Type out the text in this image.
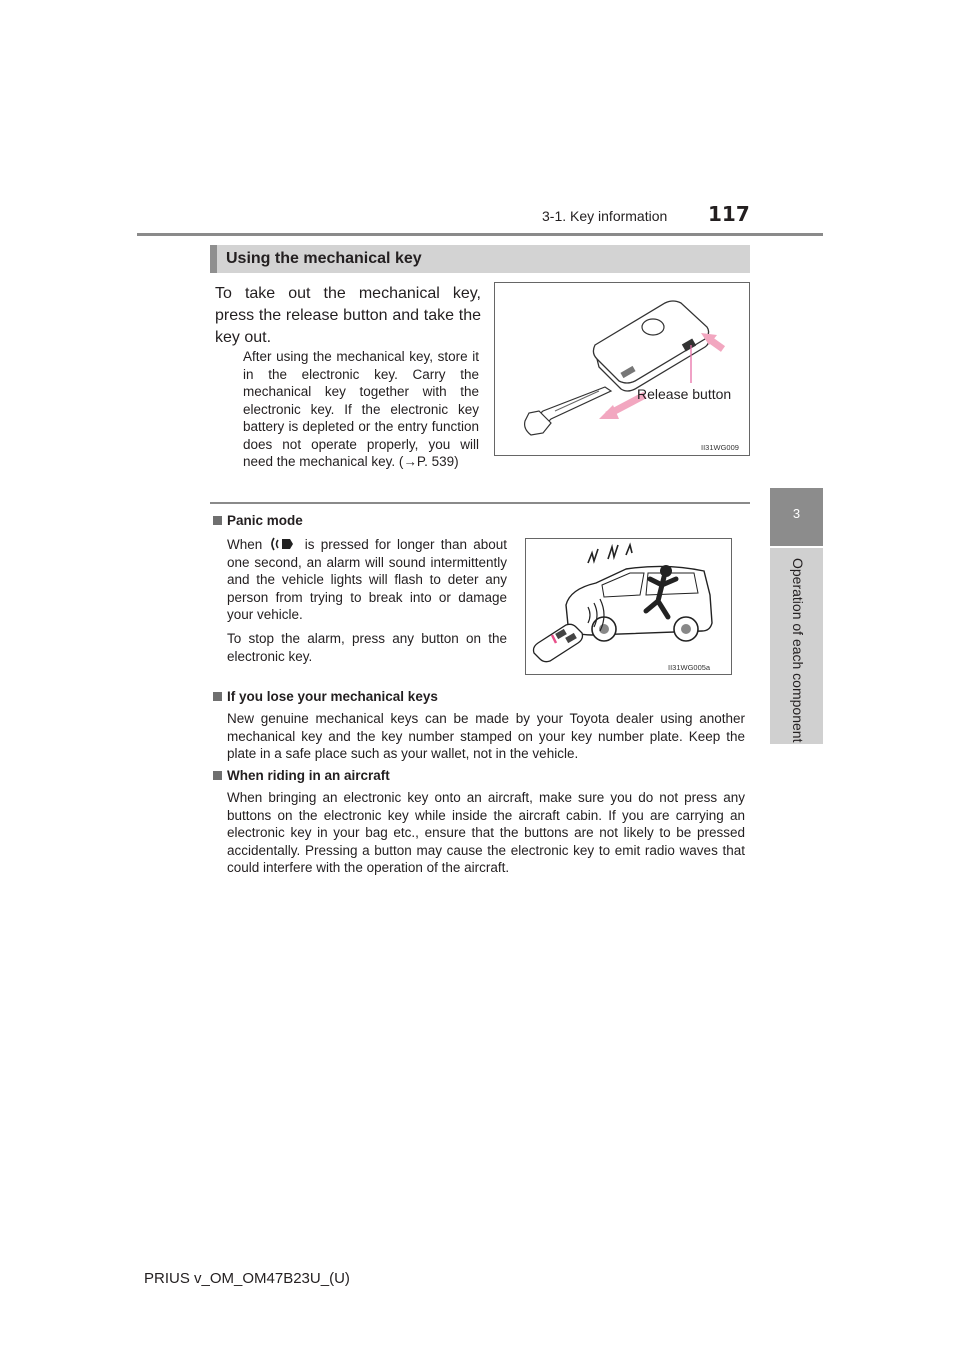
3-1. Key information 117
3
Operation of each component
Using the mechanical key
To take out the mechanical key, press the release button and take the key out.
After using the mechanical key, store it in the electronic key. Carry the mechanical key together with the electronic key. If the electronic key battery is depleted or the entry function does not operate properly, you will need the mechanical key. (→P. 539)
Release button
II31WG009
Panic mode
When	is pressed for longer than about one second, an alarm will sound intermittently and the vehicle lights will flash to deter any person from trying to break into or damage your vehicle.
To stop the alarm, press any button on the electronic key.
II31WG005a
If you lose your mechanical keys
New genuine mechanical keys can be made by your Toyota dealer using another mechanical key and the key number stamped on your key number plate. Keep the plate in a safe place such as your wallet, not in the vehicle.
When riding in an aircraft
When bringing an electronic key onto an aircraft, make sure you do not press any buttons on the electronic key while inside the aircraft cabin. If you are carrying an electronic key in your bag etc., ensure that the buttons are not likely to be pressed accidentally. Pressing a button may cause the electronic key to emit radio waves that could interfere with the operation of the aircraft.
PRIUS v_OM_OM47B23U_(U)
